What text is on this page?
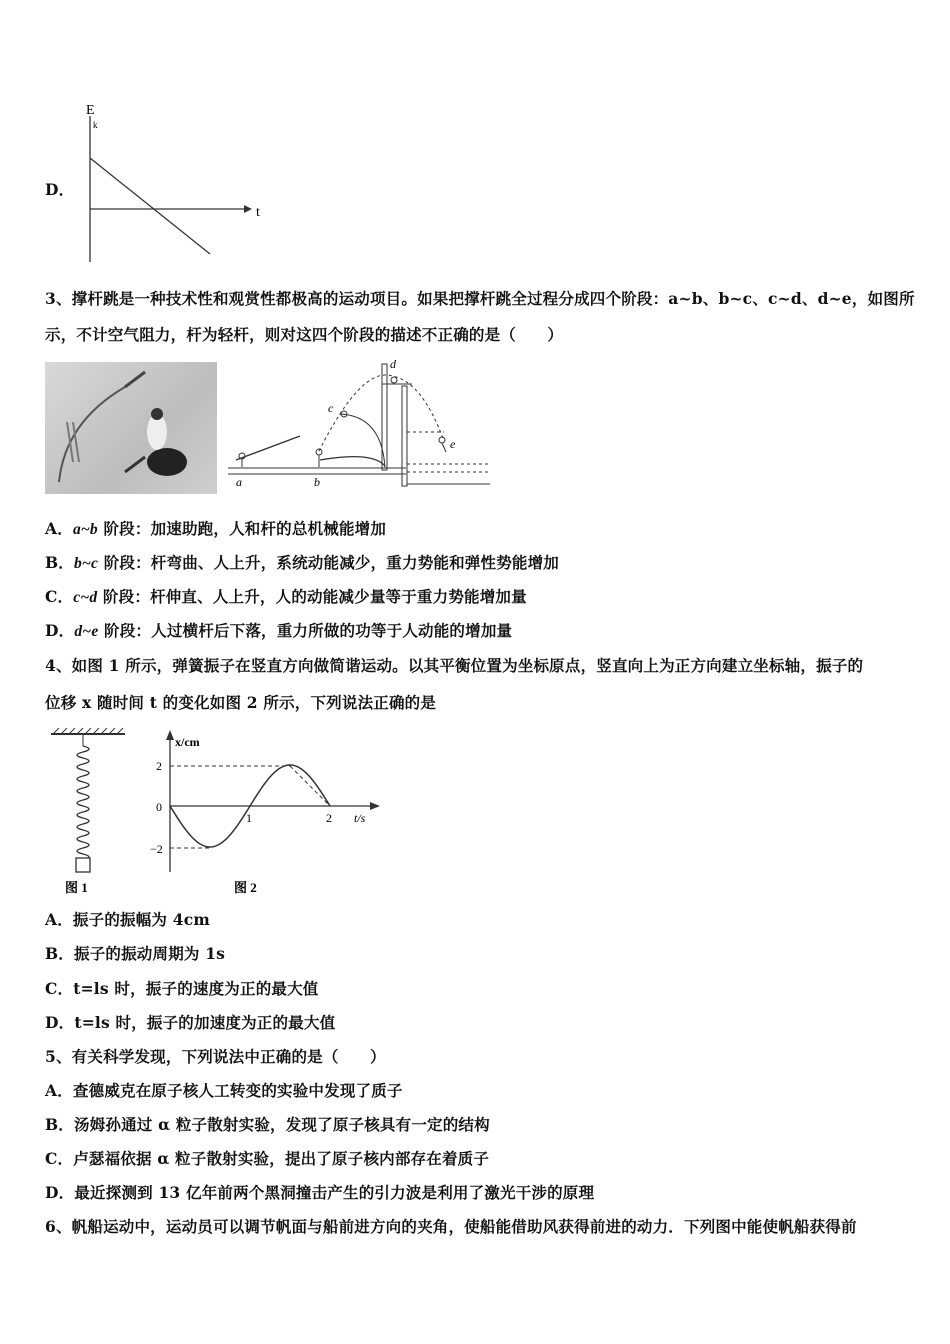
D．
E
k
t
3、撑杆跳是一种技术性和观赏性都极高的运动项目。如果把撑杆跳全过程分成四个阶段：a~b、b~c、c~d、d~e，如图所
示，不计空气阻力，杆为轻杆，则对这四个阶段的描述不正确的是（　　）
a	b
c
d
e
A．a~b 阶段：加速助跑，人和杆的总机械能增加
B．b~c 阶段：杆弯曲、人上升，系统动能减少，重力势能和弹性势能增加
C．c~d 阶段：杆伸直、人上升，人的动能减少量等于重力势能增加量
D．d~e 阶段：人过横杆后下落，重力所做的功等于人动能的增加量
4、如图 1 所示，弹簧振子在竖直方向做简谐运动。以其平衡位置为坐标原点，竖直向上为正方向建立坐标轴，振子的
位移 x 随时间 t 的变化如图 2 所示，下列说法正确的是
图 1
x/cm
t/s
2
0
−2
1	2
图 2
A．振子的振幅为 4cm
B．振子的振动周期为 1s
C．t=ls 时，振子的速度为正的最大值
D．t=ls 时，振子的加速度为正的最大值
5、有关科学发现，下列说法中正确的是（　　）
A．查德威克在原子核人工转变的实验中发现了质子
B．汤姆孙通过 α 粒子散射实验，发现了原子核具有一定的结构
C．卢瑟福依据 α 粒子散射实验，提出了原子核内部存在着质子
D．最近探测到 13 亿年前两个黑洞撞击产生的引力波是利用了激光干涉的原理
6、帆船运动中，运动员可以调节帆面与船前进方向的夹角，使船能借助风获得前进的动力．下列图中能使帆船获得前
